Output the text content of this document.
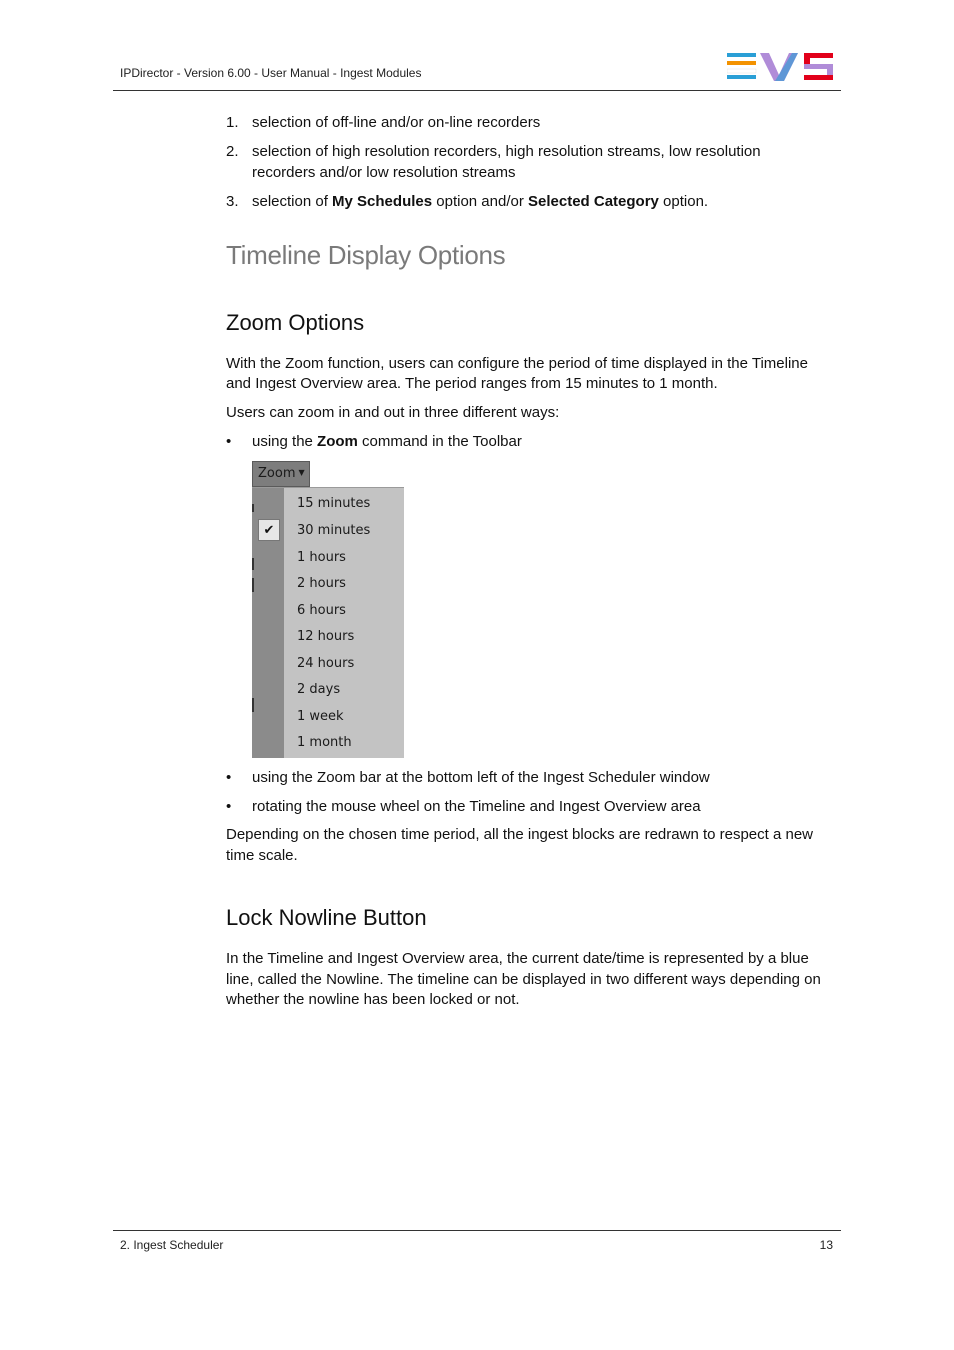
IPDirector - Version 6.00 - User Manual - Ingest Modules
1. selection of off-line and/or on-line recorders
2. selection of high resolution recorders, high resolution streams, low resolution
recorders and/or low resolution streams
3. selection of My Schedules option and/or Selected Category option.
Timeline Display Options
Zoom Options
With the Zoom function, users can configure the period of time displayed in the Timeline
and Ingest Overview area. The period ranges from 15 minutes to 1 month.
Users can zoom in and out in three different ways:
• using the Zoom command in the Toolbar
Zoom ▼
✔
15 minutes
30 minutes
1 hours
2 hours
6 hours
12 hours
24 hours
2 days
1 week
1 month
• using the Zoom bar at the bottom left of the Ingest Scheduler window
• rotating the mouse wheel on the Timeline and Ingest Overview area
Depending on the chosen time period, all the ingest blocks are redrawn to respect a new
time scale.
Lock Nowline Button
In the Timeline and Ingest Overview area, the current date/time is represented by a blue
line, called the Nowline. The timeline can be displayed in two different ways depending on
whether the nowline has been locked or not.
2. Ingest Scheduler	13
